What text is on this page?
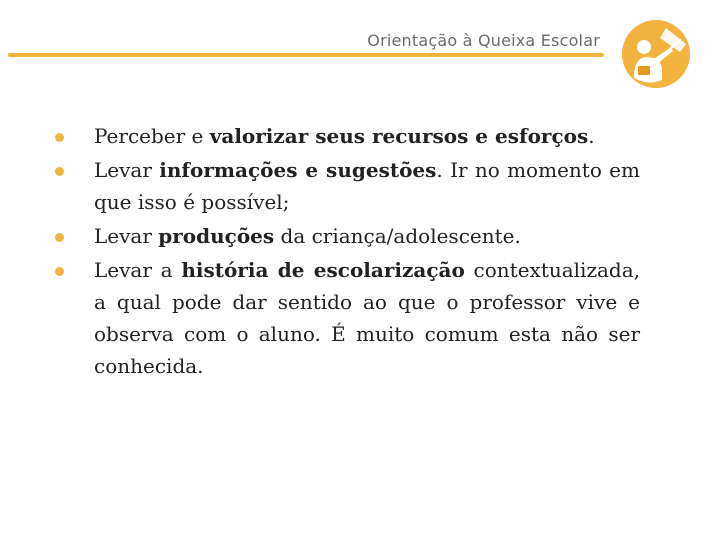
Orientação à Queixa Escolar
Perceber e valorizar seus recursos e esforços.
Levar informações e sugestões. Ir no momento em que isso é possível;
Levar produções da criança/adolescente.
Levar a história de escolarização contextualizada, a qual pode dar sentido ao que o professor vive e observa com o aluno. É muito comum esta não ser conhecida.
